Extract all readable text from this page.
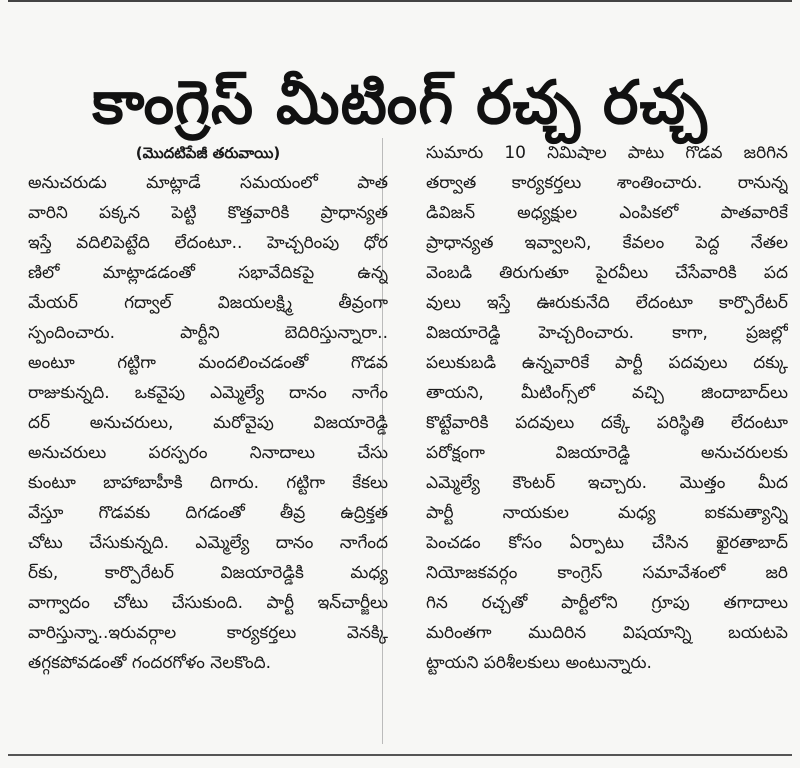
కాంగ్రెస్ మీటింగ్ రచ్చ రచ్చ
(మొదటిపేజీ తరువాయి)
అనుచరుడు మాట్లాడే సమయంలో పాత
వారిని పక్కన పెట్టి కొత్తవారికి ప్రాధాన్యత
ఇస్తే వదిలిపెట్టేది లేదంటూ.. హెచ్చరింపు ధోర
ణిలో మాట్లాడడంతో సభావేదికపై ఉన్న
మేయర్ గద్వాల్ విజయలక్ష్మి తీవ్రంగా
స్పందించారు. పార్టీని బెదిరిస్తున్నారా..
అంటూ గట్టిగా మందలించడంతో గొడవ
రాజుకున్నది. ఒకవైపు ఎమ్మెల్యే దానం నాగేం
దర్ అనుచరులు, మరోవైపు విజయారెడ్డి
అనుచరులు పరస్పరం నినాదాలు చేసు
కుంటూ బాహాబాహీకి దిగారు. గట్టిగా కేకలు
వేస్తూ గొడవకు దిగడంతో తీవ్ర ఉద్రిక్తత
చోటు చేసుకున్నది. ఎమ్మెల్యే దానం నాగేంద
ర్‌కు, కార్పొరేటర్ విజయారెడ్డికి మధ్య
వాగ్వాదం చోటు చేసుకుంది. పార్టీ ఇన్‌చార్జీలు
వారిస్తున్నా..ఇరువర్గాల కార్యకర్తలు వెనక్కి
తగ్గకపోవడంతో గందరగోళం నెలకొంది.
సుమారు 10 నిమిషాల పాటు గొడవ జరిగిన
తర్వాత కార్యకర్తలు శాంతించారు. రానున్న
డివిజన్ అధ్యక్షుల ఎంపికలో పాతవారికే
ప్రాధాన్యత ఇవ్వాలని, కేవలం పెద్ద నేతల
వెంబడి తిరుగుతూ పైరవీలు చేసేవారికి పద
వులు ఇస్తే ఊరుకునేది లేదంటూ కార్పొరేటర్
విజయారెడ్డి హెచ్చరించారు. కాగా, ప్రజల్లో
పలుకుబడి ఉన్నవారికే పార్టీ పదవులు దక్కు
తాయని, మీటింగ్స్‌లో వచ్చి జిందాబాద్‌లు
కొట్టేవారికి పదవులు దక్కే పరిస్థితి లేదంటూ
పరోక్షంగా విజయారెడ్డి అనుచరులకు
ఎమ్మెల్యే కౌంటర్ ఇచ్చారు. మొత్తం మీద
పార్టీ నాయకుల మధ్య ఐకమత్యాన్ని
పెంచడం కోసం ఏర్పాటు చేసిన ఖైరతాబాద్
నియోజకవర్గం కాంగ్రెస్ సమావేశంలో జరి
గిన రచ్చతో పార్టీలోని గ్రూపు తగాదాలు
మరింతగా ముదిరిన విషయాన్ని బయటపె
ట్టాయని పరిశీలకులు అంటున్నారు.
